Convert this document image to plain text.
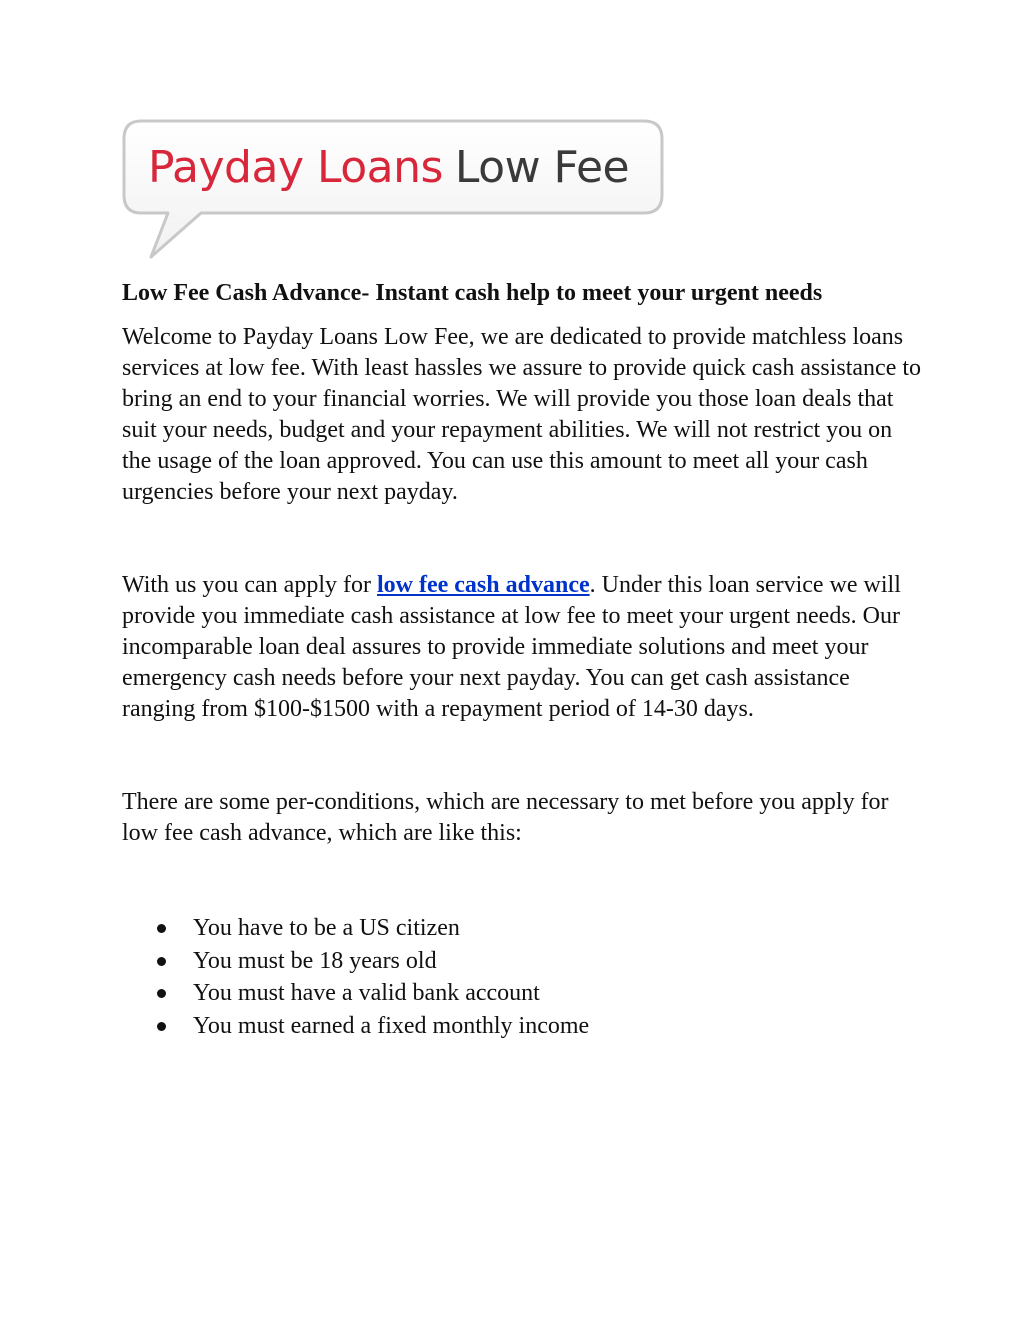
Payday Loans Low Fee
Low Fee Cash Advance- Instant cash help to meet your urgent needs

Welcome to Payday Loans Low Fee, we are dedicated to provide matchless loans services at low fee. With least hassles we assure to provide quick cash assistance to bring an end to your financial worries. We will provide you those loan deals that suit your needs, budget and your repayment abilities. We will not restrict you on the usage of the loan approved. You can use this amount to meet all your cash urgencies before your next payday.

With us you can apply for low fee cash advance. Under this loan service we will provide you immediate cash assistance at low fee to meet your urgent needs. Our incomparable loan deal assures to provide immediate solutions and meet your emergency cash needs before your next payday. You can get cash assistance ranging from $100-$1500 with a repayment period of 14-30 days.

There are some per-conditions, which are necessary to met before you apply for low fee cash advance, which are like this:

You have to be a US citizen
You must be 18 years old
You must have a valid bank account
You must earned a fixed monthly income
